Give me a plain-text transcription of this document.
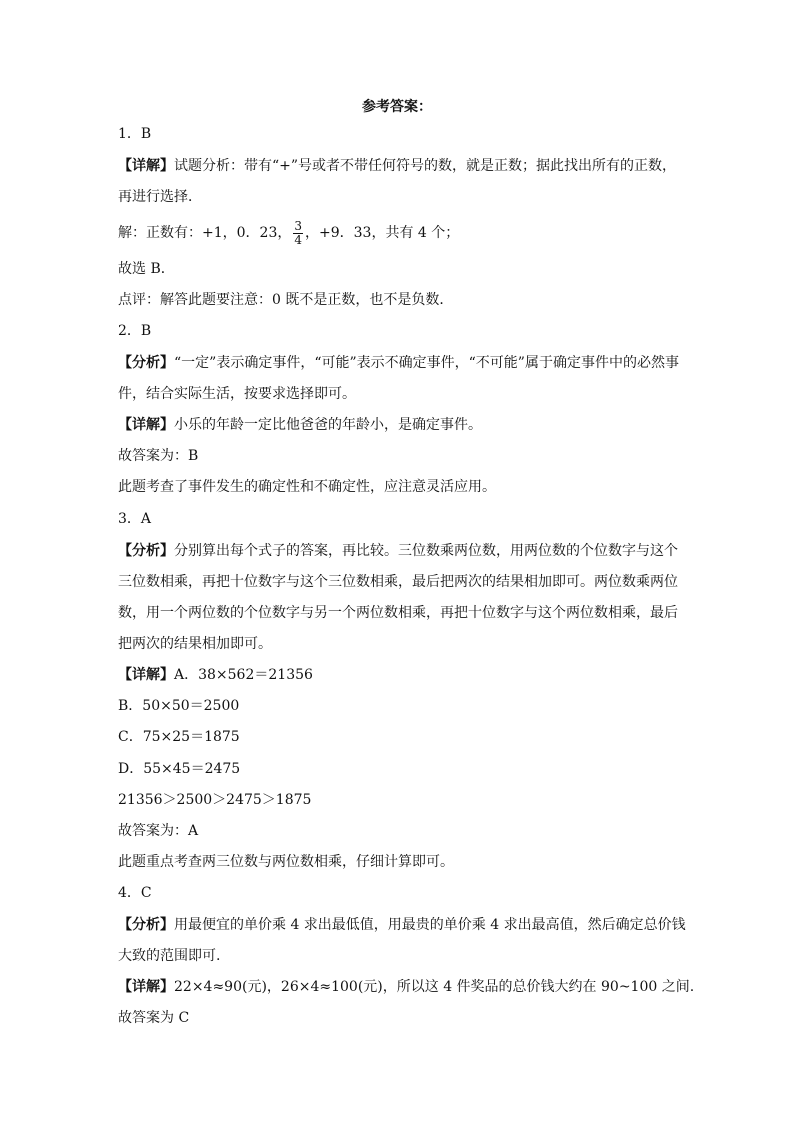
参考答案：
1．B
【详解】试题分析：带有“+”号或者不带任何符号的数，就是正数；据此找出所有的正数，
再进行选择．
解：正数有：+1，0．23， $\frac{3}{4}$ ，+9．33，共有 4 个；
故选 B．
点评：解答此题要注意：0 既不是正数，也不是负数．
2．B
【分析】“一定”表示确定事件，“可能”表示不确定事件，“不可能”属于确定事件中的必然事
件，结合实际生活，按要求选择即可。
【详解】小乐的年龄一定比他爸爸的年龄小，是确定事件。
故答案为：B
此题考查了事件发生的确定性和不确定性，应注意灵活应用。
3．A
【分析】分别算出每个式子的答案，再比较。三位数乘两位数，用两位数的个位数字与这个
三位数相乘，再把十位数字与这个三位数相乘，最后把两次的结果相加即可。两位数乘两位
数，用一个两位数的个位数字与另一个两位数相乘，再把十位数字与这个两位数相乘，最后
把两次的结果相加即可。
【详解】A．38×562＝21356
B．50×50＝2500
C．75×25＝1875
D．55×45＝2475
21356＞2500＞2475＞1875
故答案为：A
此题重点考查两三位数与两位数相乘，仔细计算即可。
4．C
【分析】用最便宜的单价乘 4 求出最低值，用最贵的单价乘 4 求出最高值，然后确定总价钱
大致的范围即可.
【详解】22×4≈90(元)，26×4≈100(元)，所以这 4 件奖品的总价钱大约在 90~100 之间.
故答案为 C
